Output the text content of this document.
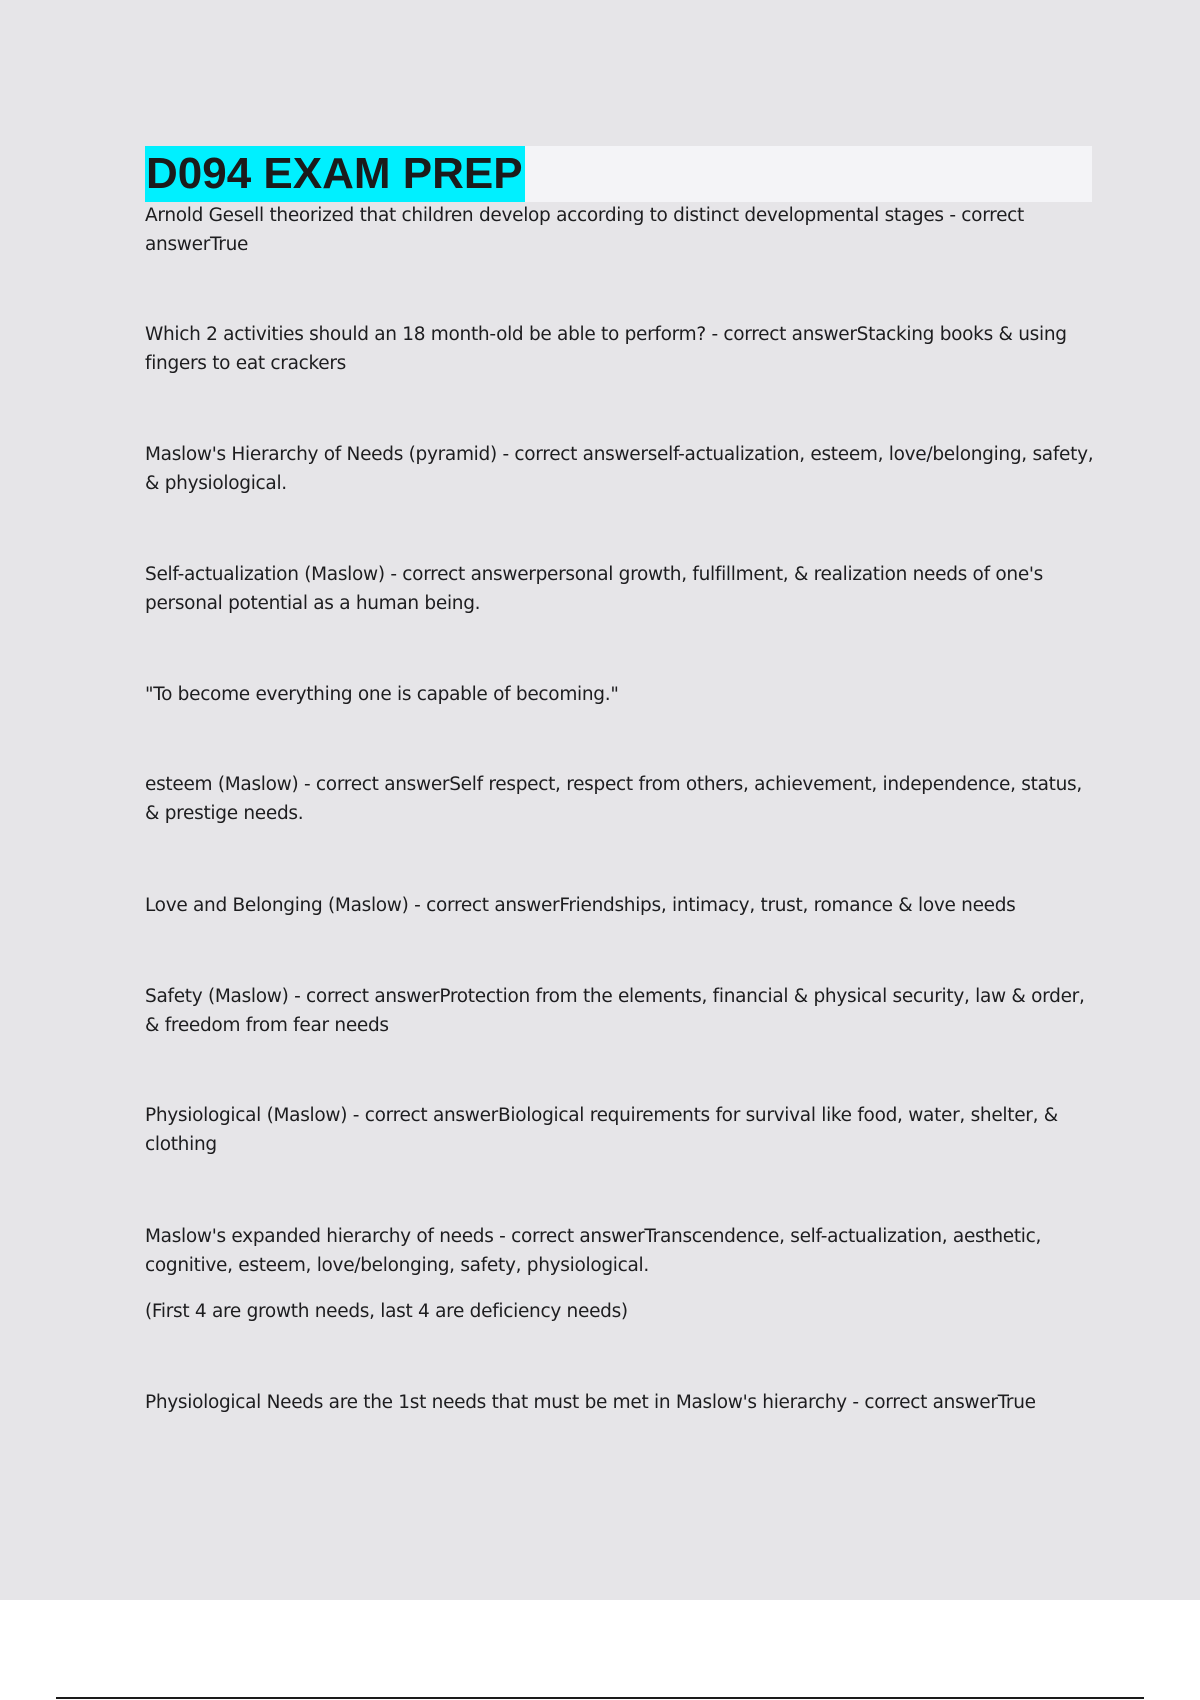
D094 EXAM PREP

Arnold Gesell theorized that children develop according to distinct developmental stages - correct answerTrue

Which 2 activities should an 18 month-old be able to perform? - correct answerStacking books & using fingers to eat crackers

Maslow's Hierarchy of Needs (pyramid) - correct answerself-actualization, esteem, love/belonging, safety, & physiological.

Self-actualization (Maslow) - correct answerpersonal growth, fulfillment, & realization needs of one's personal potential as a human being.

"To become everything one is capable of becoming."

esteem (Maslow) - correct answerSelf respect, respect from others, achievement, independence, status, & prestige needs.

Love and Belonging (Maslow) - correct answerFriendships, intimacy, trust, romance & love needs

Safety (Maslow) - correct answerProtection from the elements, financial & physical security, law & order, & freedom from fear needs

Physiological (Maslow) - correct answerBiological requirements for survival like food, water, shelter, & clothing

Maslow's expanded hierarchy of needs - correct answerTranscendence, self-actualization, aesthetic, cognitive, esteem, love/belonging, safety, physiological.

(First 4 are growth needs, last 4 are deficiency needs)

Physiological Needs are the 1st needs that must be met in Maslow's hierarchy - correct answerTrue
